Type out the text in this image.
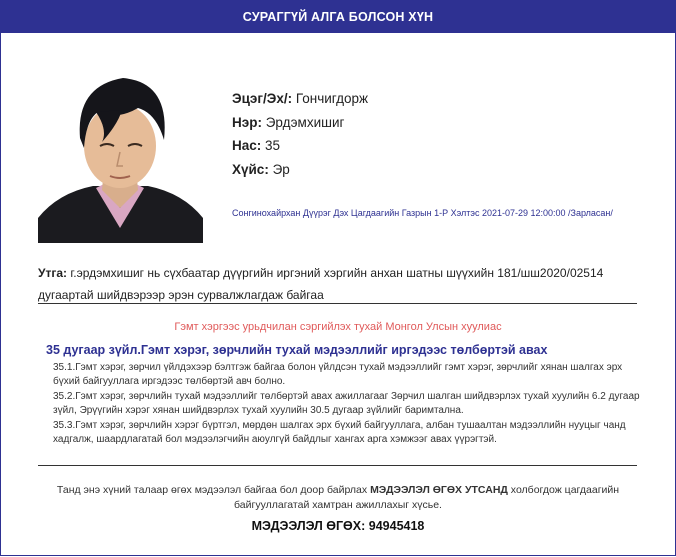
СУРАГГҮЙ АЛГА БОЛСОН ХҮН
Эцэг/Эх/: Гончигдорж
Нэр: Эрдэмхишиг
Нас: 35
Хүйс: Эр
Сонгинохайрхан Дүүрэг Дэх Цагдаагийн Газрын 1-Р Хэлтэс 2021-07-29 12:00:00 /Зарласан/
Утга: г.эрдэмхишиг нь сүхбаатар дүүргийн иргэний хэргийн анхан шатны шүүхийн 181/шш2020/02514 дугаартай шийдвэрээр эрэн сурвалжлагдаж байгаа
Гэмт хэргээс урьдчилан сэргийлэх тухай Монгол Улсын хуулиас
35 дугаар зүйл.Гэмт хэрэг, зөрчлийн тухай мэдээллийг иргэдээс төлбөртэй авах

35.1.Гэмт хэрэг, зөрчил үйлдэхээр бэлтгэж байгаа болон үйлдсэн тухай мэдээллийг гэмт хэрэг, зөрчлийг хянан шалгах эрх бүхий байгууллага иргэдээс төлбөртэй авч болно.

35.2.Гэмт хэрэг, зөрчлийн тухай мэдээллийг төлбөртэй авах ажиллагааг Зөрчил шалган шийдвэрлэх тухай хуулийн 6.2 дугаар зүйл, Эрүүгийн хэрэг хянан шийдвэрлэх тухай хуулийн 30.5 дугаар зүйлийг баримтална.

35.3.Гэмт хэрэг, зөрчлийн хэрэг бүртгэл, мөрдөн шалгах эрх бүхий байгууллага, албан тушаалтан мэдээллийн нууцыг чанд хадгалж, шаардлагатай бол мэдээлэгчийн аюулгүй байдлыг хангах арга хэмжээг авах үүрэгтэй.

Танд энэ хүний талаар өгөх мэдээлэл байгаа бол доор байрлах МЭДЭЭЛЭЛ ӨГӨХ УТСАНД холбогдож цагдаагийн байгууллагатай хамтран ажиллахыг хүсье.
МЭДЭЭЛЭЛ ӨГӨХ: 94945418
